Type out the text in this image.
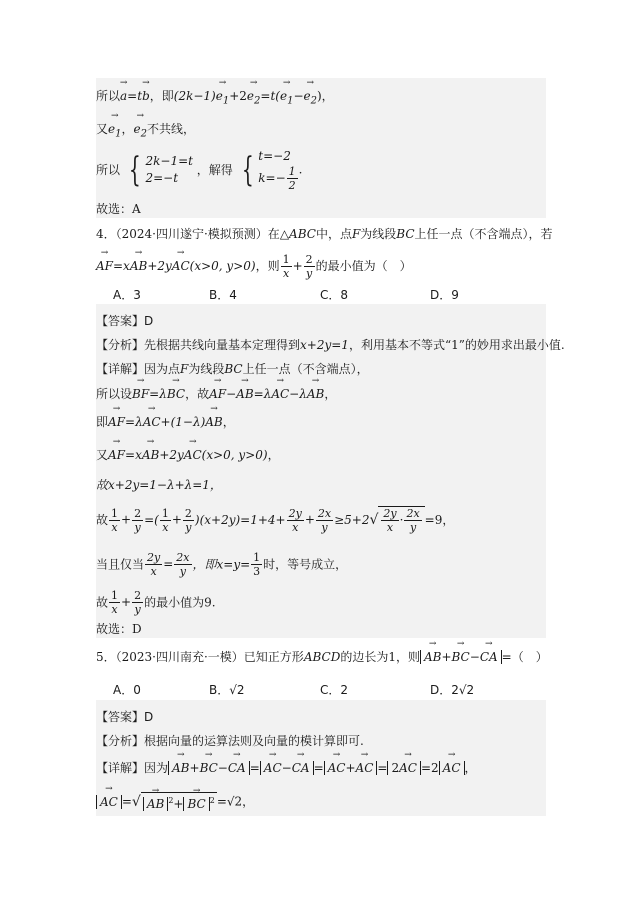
所以→ a=t→ b，即$(2k-1)\to e_1+2\to e_2=t(\to e_1-\to e_2)$，
又→ $e_1$，→ $e_2$不共线，
所以 { 2k−1=t
2=−t
，解得 { t=−2
$k=- \frac{1}{2}$ .
故选：A
4．（2024·四川遂宁·模拟预测）在△ABC中，点F为线段BC上任一点（不含端点），若
→ AF=x→ AB+2y→ AC(x>0, y>0)，则 $\frac{1}{x} + \frac{2}{y}$ 的最小值为（　）
A．3	B．4	C．8	D．9
【答案】D
【分析】先根据共线向量基本定理得到x+2y=1，利用基本不等式“1”的妙用求出最小值.
【详解】因为点F为线段BC上任一点（不含端点），
所以设→ BF=λ→ BC，故→ AF−→ AB=λ→ AC−λ→ AB，
即→ AF=λ→ AC+(1−λ)→ AB，
又→ AF=x→ AB+2y→ AC(x>0, y>0)，
故x+2y=1−λ+λ=1，
故 $\frac{1}{x} + \frac{2}{y}$ =( $\frac{1}{x} + \frac{2}{y} )(x+2y)=1+4+ \frac{2y}{x} + \frac{2x}{y} \ge 5+2$ √ $\frac{2y}{x} \cdot \frac{2x}{y} =9$，
当且仅当 $\frac{2y}{x} = \frac{2x}{y}$ ，即$x=y= \frac{1}{3}$ 时，等号成立，
故 $\frac{1}{x} + \frac{2}{y}$ 的最小值为9.
故选：D
5．（2023·四川南充·一模）已知正方形ABCD的边长为1，则 → AB+→ BC−→ CA =（　）
A．0	B．√2	C．2	D．2√2
【答案】D
【分析】根据向量的运算法则及向量的模计算即可.
【详解】因为 → AB+→ BC−→ CA = → AC−→ CA = → AC+→ AC = 2→ AC =2 → AC ，
→ AC = √ → AB $^2$+ → BC $^2$ =√2，
